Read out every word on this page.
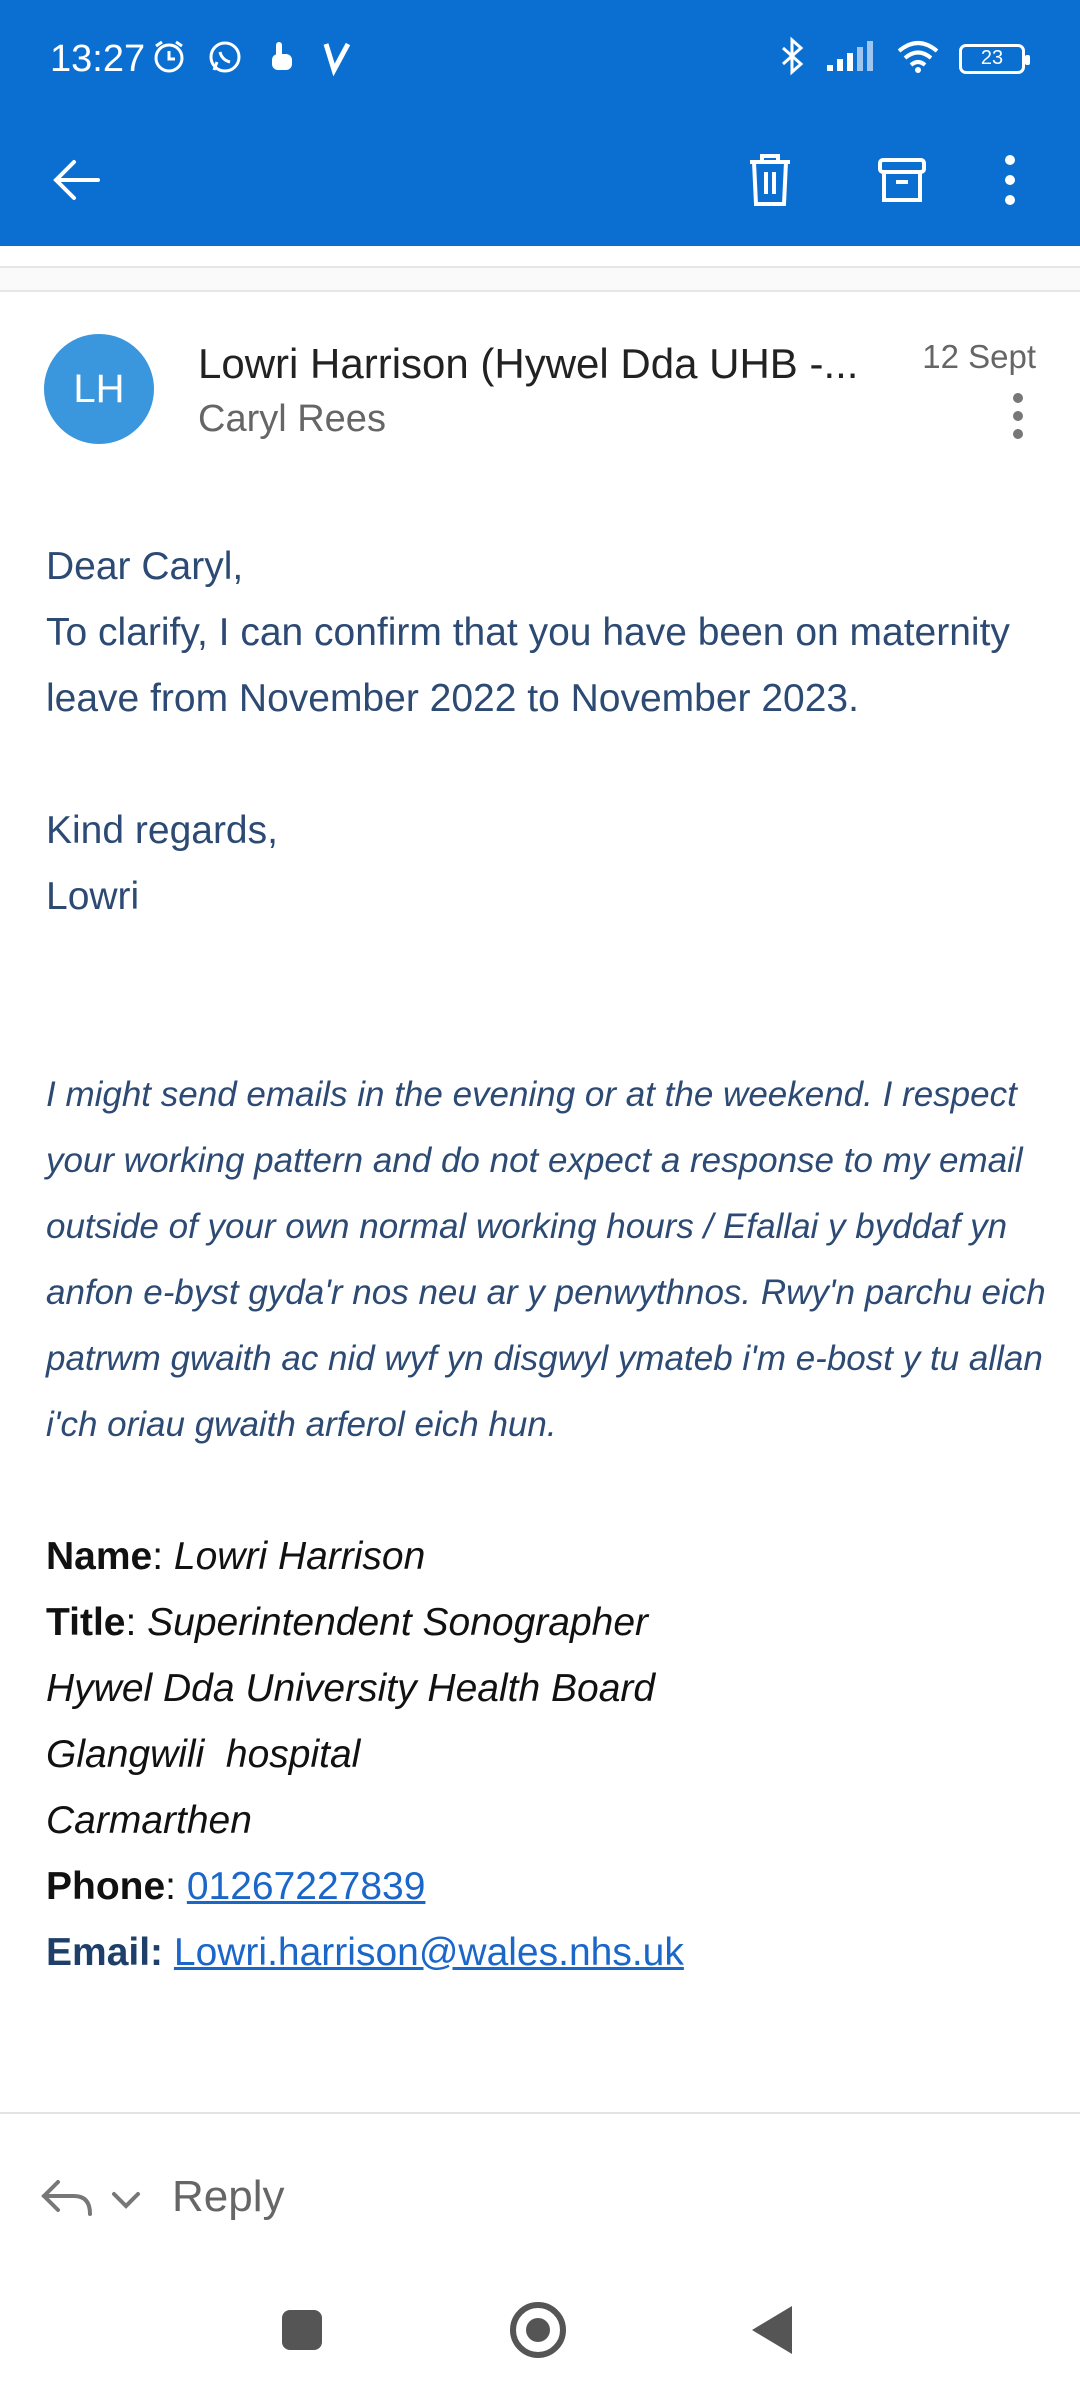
13:27	23
LH
Lowri Harrison (Hywel Dda UHB -...
Caryl Rees
12 Sept
Dear Caryl,
To clarify, I can confirm that you have been on maternity leave from November 2022 to November 2023.
Kind regards,
Lowri
I might send emails in the evening or at the weekend. I respect your working pattern and do not expect a response to my email outside of your own normal working hours / Efallai y byddaf yn anfon e-byst gyda'r nos neu ar y penwythnos. Rwy'n parchu eich patrwm gwaith ac nid wyf yn disgwyl ymateb i'm e-bost y tu allan i'ch oriau gwaith arferol eich hun.
Name: Lowri Harrison
Title: Superintendent Sonographer
Hywel Dda University Health Board
Glangwili  hospital
Carmarthen
Phone: 01267227839
Email: Lowri.harrison@wales.nhs.uk
Reply
